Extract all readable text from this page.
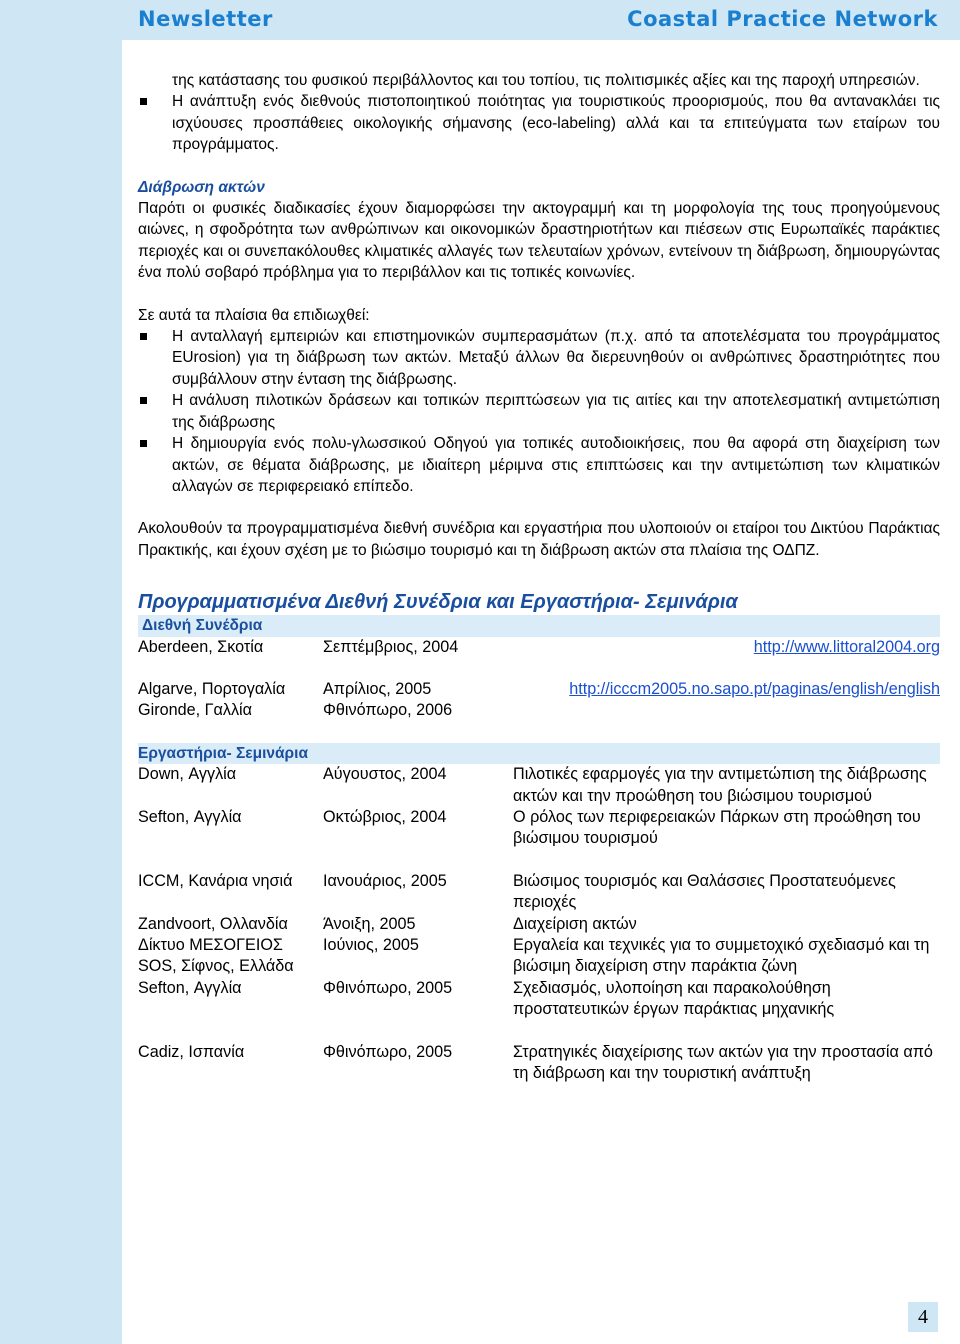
Newsletter	Coastal Practice Network

της κατάστασης του φυσικού περιβάλλοντος και του τοπίου, τις πολιτισμικές αξίες και της παροχή υπηρεσιών.

Η ανάπτυξη ενός διεθνούς πιστοποιητικού ποιότητας για τουριστικούς προορισμούς, που θα αντανακλάει τις ισχύουσες προσπάθειες οικολογικής σήμανσης (eco-labeling) αλλά και τα επιτεύγματα των εταίρων του προγράμματος.

Διάβρωση ακτών

Παρότι οι φυσικές διαδικασίες έχουν διαμορφώσει την ακτογραμμή και τη μορφολογία της τους προηγούμενους αιώνες, η σφοδρότητα των ανθρώπινων και οικονομικών δραστηριοτήτων και πιέσεων στις Ευρωπαϊκές παράκτιες περιοχές και οι συνεπακόλουθες κλιματικές αλλαγές των τελευταίων χρόνων, εντείνουν τη διάβρωση, δημιουργώντας ένα πολύ σοβαρό πρόβλημα για το περιβάλλον και τις τοπικές κοινωνίες.

Σε αυτά τα πλαίσια θα επιδιωχθεί:

Η ανταλλαγή εμπειριών και επιστημονικών συμπερασμάτων (π.χ. από τα αποτελέσματα του προγράμματος EUrosion) για τη διάβρωση των ακτών. Μεταξύ άλλων θα διερευνηθούν οι ανθρώπινες δραστηριότητες που συμβάλλουν στην ένταση της διάβρωσης.
Η ανάλυση πιλοτικών δράσεων και τοπικών περιπτώσεων για τις αιτίες και την αποτελεσματική αντιμετώπιση της διάβρωσης
Η δημιουργία ενός πολυ-γλωσσικού Οδηγού για τοπικές αυτοδιοικήσεις, που θα αφορά στη διαχείριση των ακτών, σε θέματα διάβρωσης, με ιδιαίτερη μέριμνα στις επιπτώσεις και την αντιμετώπιση των κλιματικών αλλαγών σε περιφερειακό επίπεδο.

Ακολουθούν τα προγραμματισμένα διεθνή συνέδρια και εργαστήρια που υλοποιούν οι εταίροι του Δικτύου Παράκτιας Πρακτικής, και έχουν σχέση με το βιώσιμο τουρισμό και τη διάβρωση ακτών στα πλαίσια της ΟΔΠΖ.

Προγραμματισμένα Διεθνή Συνέδρια και Εργαστήρια- Σεμινάρια

Διεθνή Συνέδρια		
Aberdeen, Σκοτία	Σεπτέμβριος, 2004	http://www.littoral2004.org

Algarve, Πορτογαλία	Απρίλιος, 2005	http://icccm2005.no.sapo.pt/paginas/english/english
Gironde, Γαλλία	Φθινόπωρο, 2006	

Εργαστήρια- Σεμινάρια		
Down, Αγγλία	Αύγουστος, 2004	Πιλοτικές εφαρμογές για την αντιμετώπιση της διάβρωσης ακτών και την προώθηση του βιώσιμου τουρισμού
Sefton, Αγγλία	Οκτώβριος, 2004	Ο ρόλος των περιφερειακών Πάρκων στη προώθηση του βιώσιμου τουρισμού

ICCM, Κανάρια νησιά	Ιανουάριος, 2005	Βιώσιμος τουρισμός και Θαλάσσιες Προστατευόμενες περιοχές
Zandvoort, Ολλανδία	Άνοιξη, 2005	Διαχείριση ακτών
Δίκτυο ΜΕΣΟΓΕΙΟΣ SOS, Σίφνος, Ελλάδα	Ιούνιος, 2005	Εργαλεία και τεχνικές για το συμμετοχικό σχεδιασμό και τη βιώσιμη διαχείριση στην παράκτια ζώνη
Sefton, Αγγλία	Φθινόπωρο, 2005	Σχεδιασμός, υλοποίηση και παρακολούθηση προστατευτικών έργων παράκτιας μηχανικής

Cadiz, Ισπανία	Φθινόπωρο, 2005	Στρατηγικές διαχείρισης των ακτών για την προστασία από τη διάβρωση και την τουριστική ανάπτυξη
4
